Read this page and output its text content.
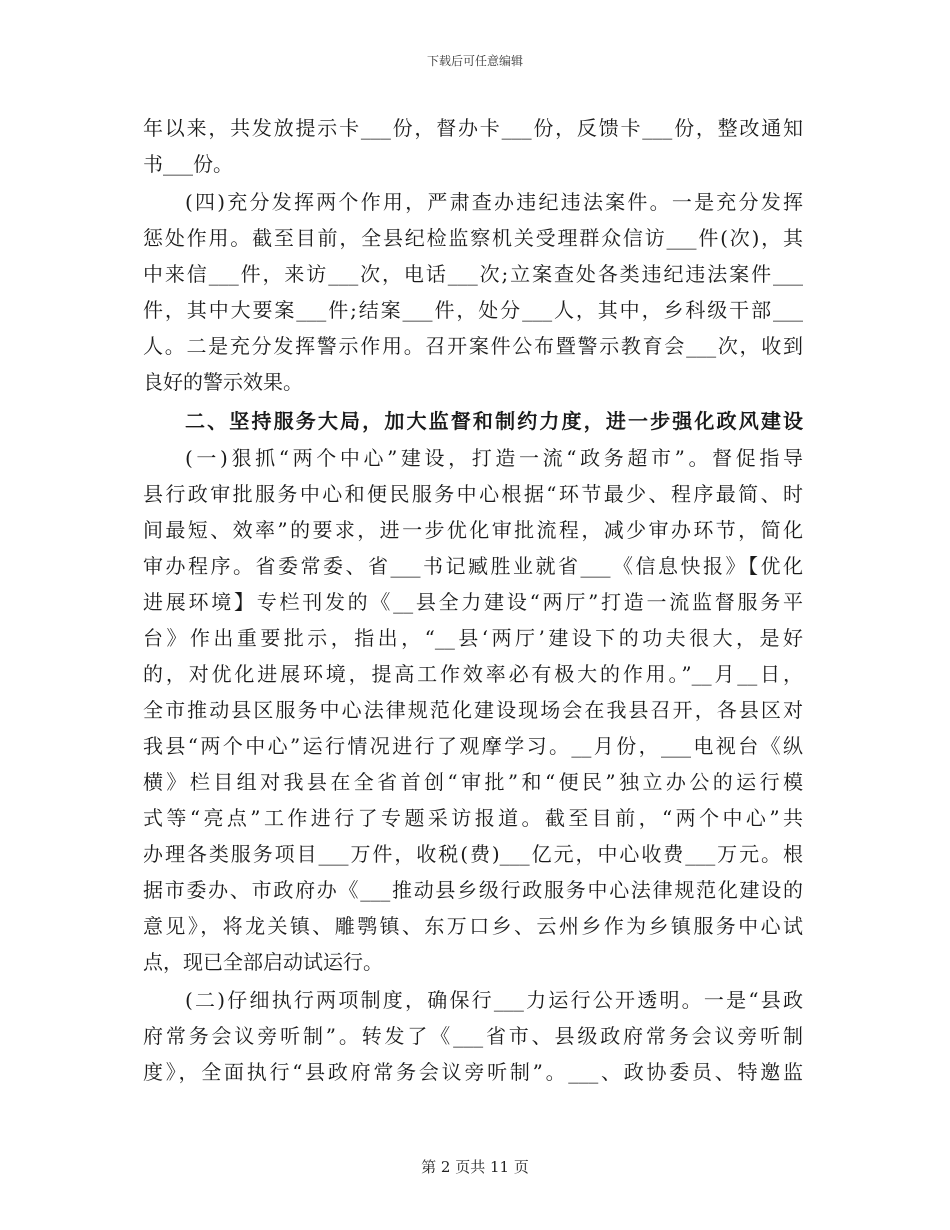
下载后可任意编辑
年以来，共发放提示卡___份，督办卡___份，反馈卡___份，整改通知
书___份。
(四)充分发挥两个作用，严肃查办违纪违法案件。一是充分发挥
惩处作用。截至目前，全县纪检监察机关受理群众信访___件(次)，其
中来信___件，来访___次，电话___次;立案查处各类违纪违法案件___
件，其中大要案___件;结案___件，处分___人，其中，乡科级干部___
人。二是充分发挥警示作用。召开案件公布暨警示教育会___次，收到
良好的警示效果。
二、坚持服务大局，加大监督和制约力度，进一步强化政风建设
(一)狠抓“两个中心”建设，打造一流“政务超市”。督促指导
县行政审批服务中心和便民服务中心根据“环节最少、程序最简、时
间最短、效率”的要求，进一步优化审批流程，减少审办环节，简化
审办程序。省委常委、省___书记臧胜业就省___《信息快报》【优化
进展环境】专栏刊发的《__县全力建设“两厅”打造一流监督服务平
台》作出重要批示，指出，“__县‘两厅’建设下的功夫很大，是好
的，对优化进展环境，提高工作效率必有极大的作用。”__月__日，
全市推动县区服务中心法律规范化建设现场会在我县召开，各县区对
我县“两个中心”运行情况进行了观摩学习。__月份，___电视台《纵
横》栏目组对我县在全省首创“审批”和“便民”独立办公的运行模
式等“亮点”工作进行了专题采访报道。截至目前，“两个中心”共
办理各类服务项目___万件，收税(费)___亿元，中心收费___万元。根
据市委办、市政府办《___推动县乡级行政服务中心法律规范化建设的
意见》，将龙关镇、雕鹗镇、东万口乡、云州乡作为乡镇服务中心试
点，现已全部启动试运行。
(二)仔细执行两项制度，确保行___力运行公开透明。一是“县政
府常务会议旁听制”。转发了《___省市、县级政府常务会议旁听制
度》，全面执行“县政府常务会议旁听制”。___、政协委员、特邀监
第 2 页共 11 页
